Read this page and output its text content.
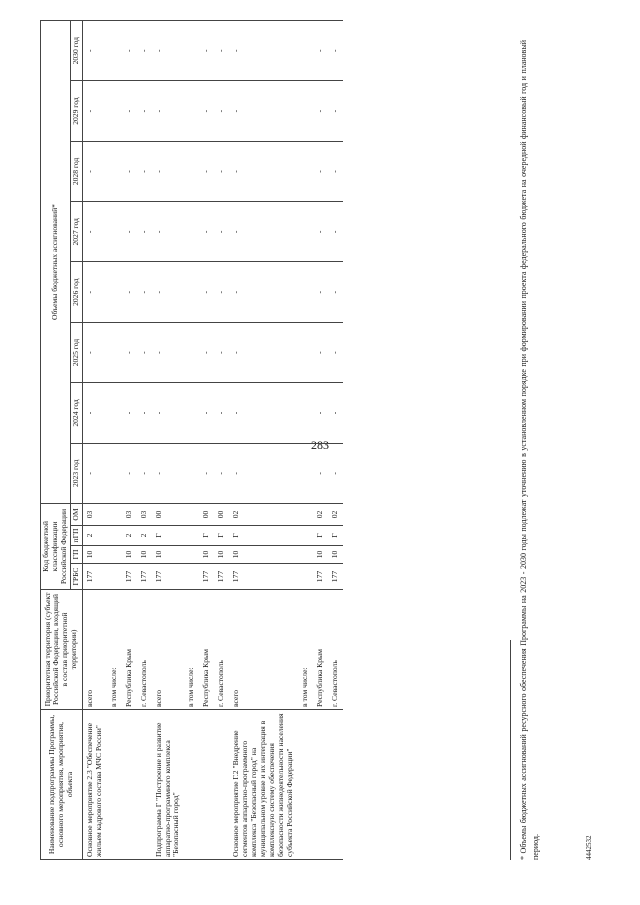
283
Наименование подпрограммы Программы, основного мероприятия, мероприятия, объекта	Приоритетная территория (субъект Российской Федерации, входящий в состав приоритетной территории)	Код бюджетной классификации Российской Федерации				Объемы бюджетных ассигнований*							
		ГРБС	ГП	пГП	ОМ	2023 год	2024 год	2025 год	2026 год	2027 год	2028 год	2029 год	2030 год
Основное мероприятие 2.3 "Обеспечение жильем кадрового состава МЧС России"	всего	177	10	2	03	-	-	-	-	-	-	-	-
	в том числе:												
	Республика Крым	177	10	2	03	-	-	-	-	-	-	-	-
	г. Севастополь	177	10	2	03	-	-	-	-	-	-	-	-
Подпрограмма Г "Построение и развитие аппаратно-программного комплекса "Безопасный город"	всего	177	10	Г	00	-	-	-	-	-	-	-	-
	в том числе:												
	Республика Крым	177	10	Г	00	-	-	-	-	-	-	-	-
	г. Севастополь	177	10	Г	00	-	-	-	-	-	-	-	-
Основное мероприятие Г.2 "Внедрение сегментов аппаратно-программного комплекса "Безопасный город" на муниципальном уровне и их интеграция в комплексную систему обеспечения безопасности жизнедеятельности населения субъекта Российской Федерации"	всего	177	10	Г	02	-	-	-	-	-	-	-	-
	в том числе:												
	Республика Крым	177	10	Г	02	-	-	-	-	-	-	-	-
	г. Севастополь	177	10	Г	02	-	-	-	-	-	-	-	-	* Объемы бюджетных ассигнований ресурсного обеспечения Программы на 2023 - 2030 годы подлежат уточнению в установленном порядке при формировании проекта федерального бюджета на очередной финансовый год и плановый период.	4442532
